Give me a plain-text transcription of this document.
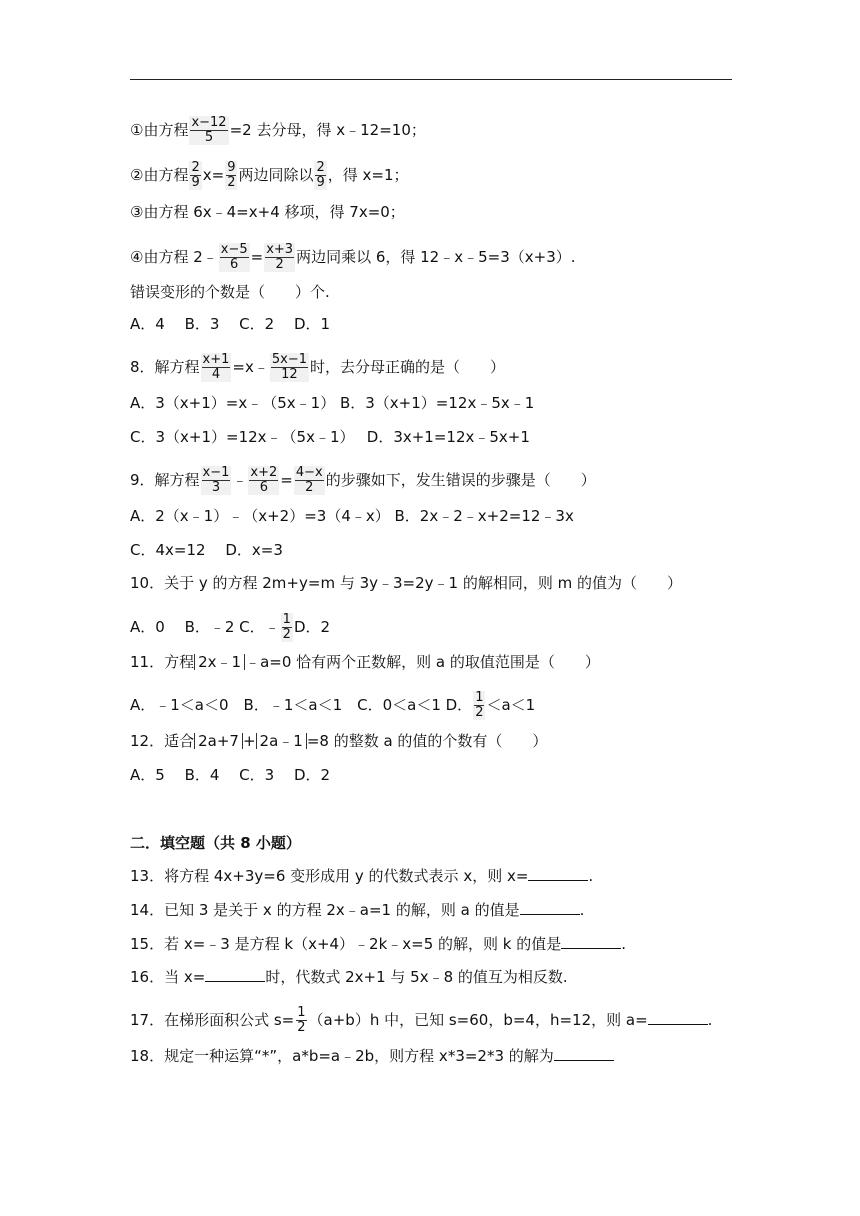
①由方程 $\frac{x-12}{5} =2$ 去分母，得 x﹣12=10；
②由方程 $\frac{2}{9} x= \frac{9}{2}$ 两边同除以 $\frac{2}{9}$ ，得 x=1；
③由方程 6x﹣4=x+4 移项，得 7x=0；
④由方程 2﹣ $\frac{x-5}{6} = \frac{x+3}{2}$ 两边同乘以 6，得 12﹣x﹣5=3（x+3）.
错误变形的个数是（　　）个.
A．4　 B．3　 C．2　 D．1
8．解方程 $\frac{x+1}{4}$ =x﹣ $\frac{5x-1}{12}$ 时，去分母正确的是（　　）
A．3（x+1）=x﹣（5x﹣1） B．3（x+1）=12x﹣5x﹣1
C．3（x+1）=12x﹣（5x﹣1）　 D．3x+1=12x﹣5x+1
9．解方程 $\frac{x-1}{3}$ ﹣ $\frac{x+2}{6} = \frac{4-x}{2}$ 的步骤如下，发生错误的步骤是（　　）
A．2（x﹣1）﹣（x+2）=3（4﹣x） B．2x﹣2﹣x+2=12﹣3x
C．4x=12　 D．x=3
10．关于 y 的方程 2m+y=m 与 3y﹣3=2y﹣1 的解相同，则 m 的值为（　　）
A．0　 B．﹣2 C．﹣ $\frac{1}{2}$ D．2
11．方程 2x﹣1 ﹣a=0 恰有两个正数解，则 a 的取值范围是（　　）
A．﹣1＜a＜0　B．﹣1＜a＜1　C．0＜a＜1 D． $\frac{1}{2} <a<1$
12．适合 2a+7 + 2a﹣1 =8 的整数 a 的值的个数有（　　）
A．5　 B．4　 C．3　 D．2
二．填空题（共 8 小题）
13．将方程 4x+3y=6 变形成用 y 的代数式表示 x，则 x=	.
14．已知 3 是关于 x 的方程 2x﹣a=1 的解，则 a 的值是	.
15．若 x=﹣3 是方程 k（x+4）﹣2k﹣x=5 的解，则 k 的值是	.
16．当 x=	时，代数式 2x+1 与 5x﹣8 的值互为相反数.
17．在梯形面积公式 $s= \frac{1}{2} (a+b)h$ 中，已知 s=60，b=4，h=12，则 a=	.
18．规定一种运算“*”，a*b=a﹣2b，则方程 x*3=2*3 的解为
